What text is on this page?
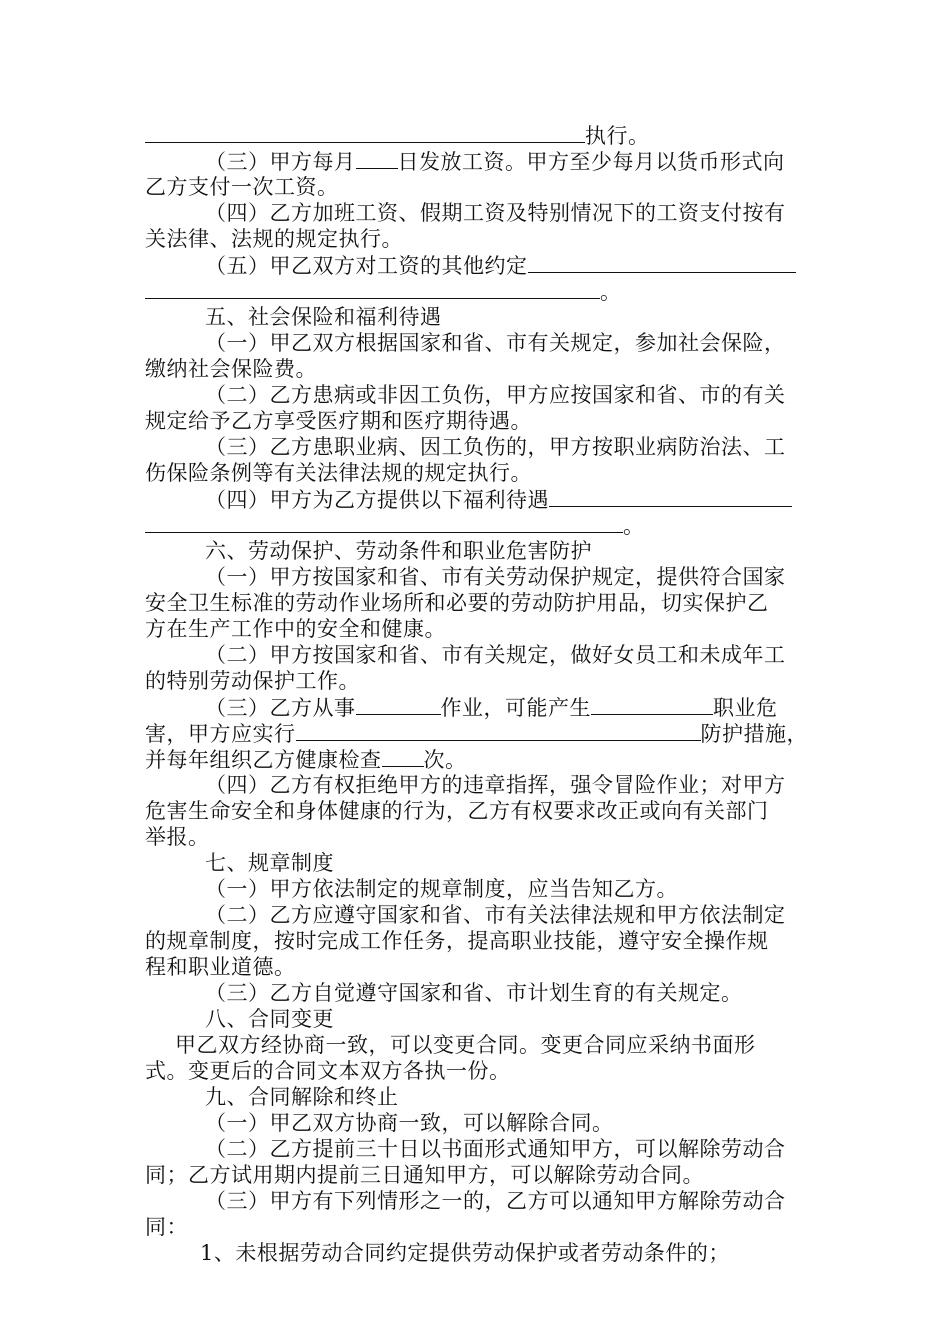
执行。
（三）甲方每月 日发放工资。甲方至少每月以货币形式向
乙方支付一次工资。
（四）乙方加班工资、假期工资及特别情况下的工资支付按有
关法律、法规的规定执行。
（五）甲乙双方对工资的其他约定
。
五、社会保险和福利待遇
（一）甲乙双方根据国家和省、市有关规定，参加社会保险，
缴纳社会保险费。
（二）乙方患病或非因工负伤，甲方应按国家和省、市的有关
规定给予乙方享受医疗期和医疗期待遇。
（三）乙方患职业病、因工负伤的，甲方按职业病防治法、工
伤保险条例等有关法律法规的规定执行。
（四）甲方为乙方提供以下福利待遇
。
六、劳动保护、劳动条件和职业危害防护
（一）甲方按国家和省、市有关劳动保护规定，提供符合国家
安全卫生标准的劳动作业场所和必要的劳动防护用品，切实保护乙
方在生产工作中的安全和健康。
（二）甲方按国家和省、市有关规定，做好女员工和未成年工
的特别劳动保护工作。
（三）乙方从事	作业，可能产生	职业危
害，甲方应实行	防护措施，
并每年组织乙方健康检查 次。
（四）乙方有权拒绝甲方的违章指挥，强令冒险作业；对甲方
危害生命安全和身体健康的行为，乙方有权要求改正或向有关部门
举报。
七、规章制度
（一）甲方依法制定的规章制度，应当告知乙方。
（二）乙方应遵守国家和省、市有关法律法规和甲方依法制定
的规章制度，按时完成工作任务，提高职业技能，遵守安全操作规
程和职业道德。
（三）乙方自觉遵守国家和省、市计划生育的有关规定。
八、合同变更
甲乙双方经协商一致，可以变更合同。变更合同应采纳书面形
式。变更后的合同文本双方各执一份。
九、合同解除和终止
（一）甲乙双方协商一致，可以解除合同。
（二）乙方提前三十日以书面形式通知甲方，可以解除劳动合
同；乙方试用期内提前三日通知甲方，可以解除劳动合同。
（三）甲方有下列情形之一的，乙方可以通知甲方解除劳动合
同：
1、未根据劳动合同约定提供劳动保护或者劳动条件的；
